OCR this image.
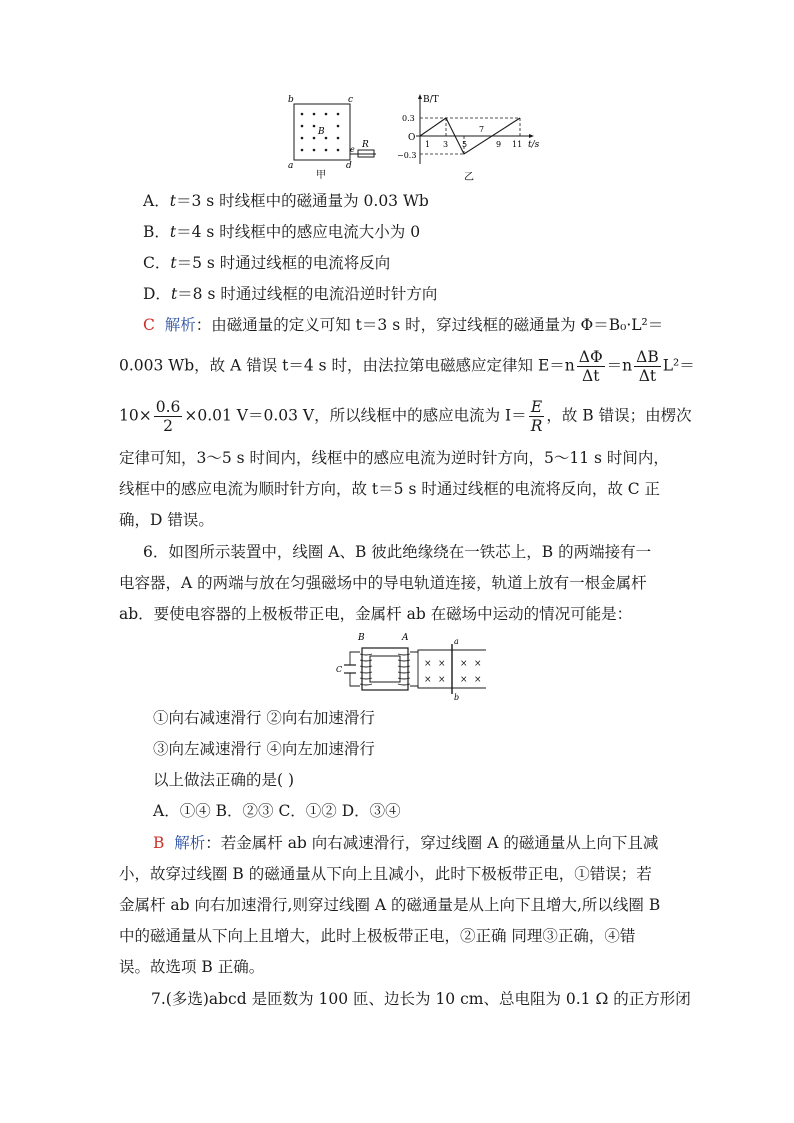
b	c
a	d
B
e R
甲
B/T
t/s
0.3
O
−0.3
1 3 5
7
9 11
乙
A．t＝3 s 时线框中的磁通量为 0.03 Wb
B．t＝4 s 时线框中的感应电流大小为 0
C．t＝5 s 时通过线框的电流将反向
D．t＝8 s 时通过线框的电流沿逆时针方向
C 解析：由磁通量的定义可知 t＝3 s 时，穿过线框的磁通量为 Φ＝B₀·L²＝
0.003 Wb，故 A 错误 t＝4 s 时，由法拉第电磁感应定律知 $E=n \frac{\Delta\Phi}{\Delta t} =n \frac{\Delta B}{\Delta t} L^2=$
$10\times \frac{0.6}{2} \times 0.01$ V＝0.03 V，所以线框中的感应电流为 $I= \frac{E}{R}$ ，故 B 错误；由楞次
定律可知，3～5 s 时间内，线框中的感应电流为逆时针方向，5～11 s 时间内，
线框中的感应电流为顺时针方向，故 t＝5 s 时通过线框的电流将反向，故 C 正
确，D 错误。
6．如图所示装置中，线圈 A、B 彼此绝缘绕在一铁芯上，B 的两端接有一
电容器，A 的两端与放在匀强磁场中的导电轨道连接，轨道上放有一根金属杆
ab．要使电容器的上极板带正电，金属杆 ab 在磁场中运动的情况可能是：
B	A
C
a
b
× × × ×
× × × ×
①向右减速滑行 ②向右加速滑行
③向左减速滑行 ④向左加速滑行
以上做法正确的是( )
A．①④ B．②③ C．①② D．③④
B 解析：若金属杆 ab 向右减速滑行，穿过线圈 A 的磁通量从上向下且减
小，故穿过线圈 B 的磁通量从下向上且减小，此时下极板带正电，①错误；若
金属杆 ab 向右加速滑行,则穿过线圈 A 的磁通量是从上向下且增大,所以线圈 B
中的磁通量从下向上且增大，此时上极板带正电，②正确 同理③正确，④错
误。故选项 B 正确。
7.(多选)abcd 是匝数为 100 匝、边长为 10 cm、总电阻为 0.1 Ω 的正方形闭
